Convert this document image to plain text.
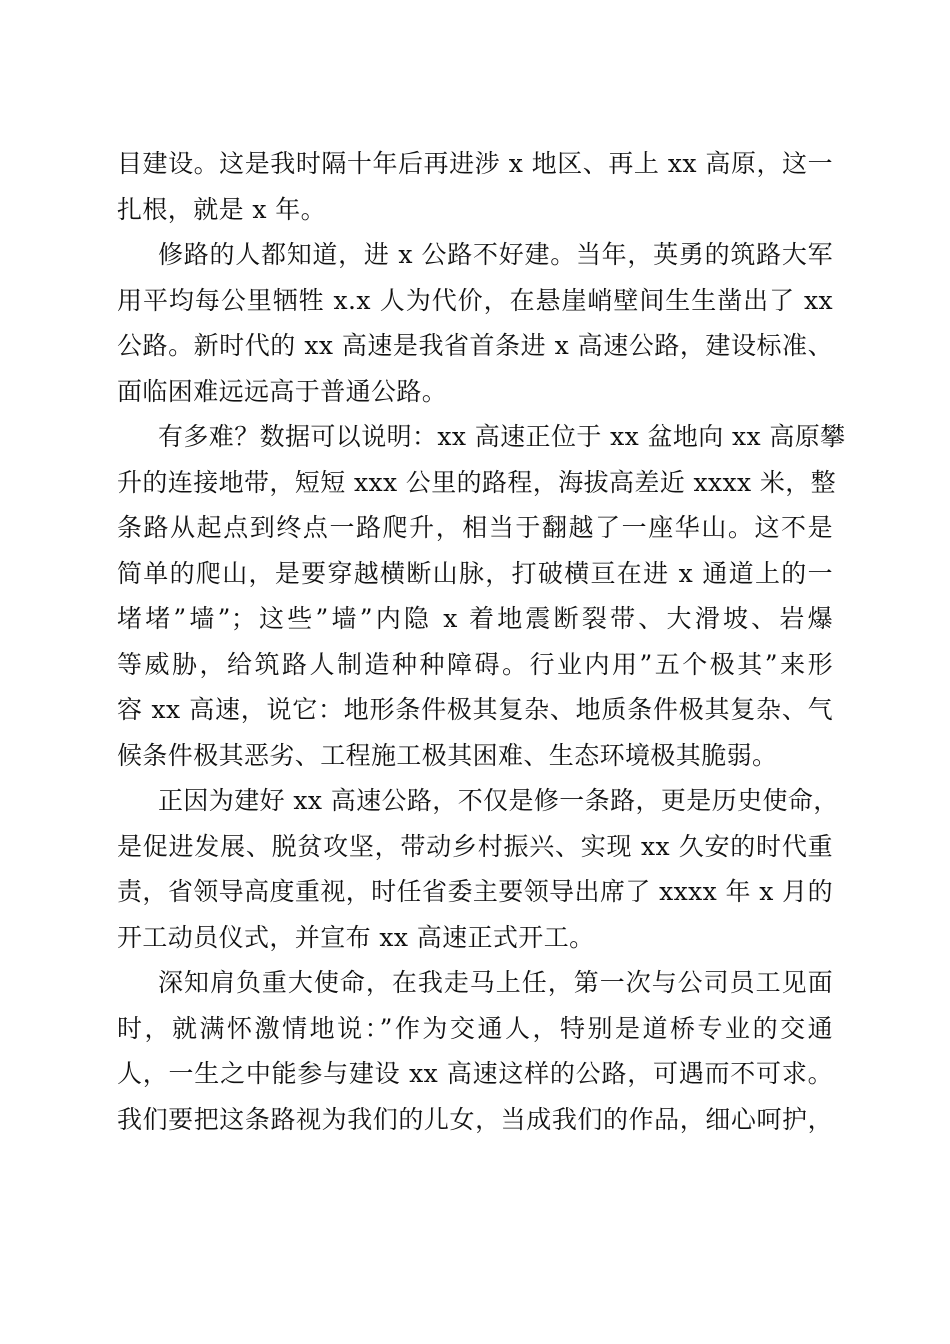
目建设。这是我时隔十年后再进涉 x 地区、再上 xx 高原，这一
扎根，就是 x 年。
修路的人都知道，进 x 公路不好建。当年，英勇的筑路大军
用平均每公里牺牲 x.x 人为代价，在悬崖峭壁间生生凿出了 xx
公路。新时代的 xx 高速是我省首条进 x 高速公路，建设标准、
面临困难远远高于普通公路。
有多难？数据可以说明：xx 高速正位于 xx 盆地向 xx 高原攀
升的连接地带，短短 xxx 公里的路程，海拔高差近 xxxx 米，整
条路从起点到终点一路爬升，相当于翻越了一座华山。这不是
简单的爬山，是要穿越横断山脉，打破横亘在进 x 通道上的一
堵堵”墙”；这些”墙”内隐 x 着地震断裂带、大滑坡、岩爆
等威胁，给筑路人制造种种障碍。行业内用”五个极其”来形
容 xx 高速，说它：地形条件极其复杂、地质条件极其复杂、气
候条件极其恶劣、工程施工极其困难、生态环境极其脆弱。
正因为建好 xx 高速公路，不仅是修一条路，更是历史使命，
是促进发展、脱贫攻坚，带动乡村振兴、实现 xx 久安的时代重
责，省领导高度重视，时任省委主要领导出席了 xxxx 年 x 月的
开工动员仪式，并宣布 xx 高速正式开工。
深知肩负重大使命，在我走马上任，第一次与公司员工见面
时，就满怀激情地说：”作为交通人，特别是道桥专业的交通
人，一生之中能参与建设 xx 高速这样的公路，可遇而不可求。
我们要把这条路视为我们的儿女，当成我们的作品，细心呵护，
